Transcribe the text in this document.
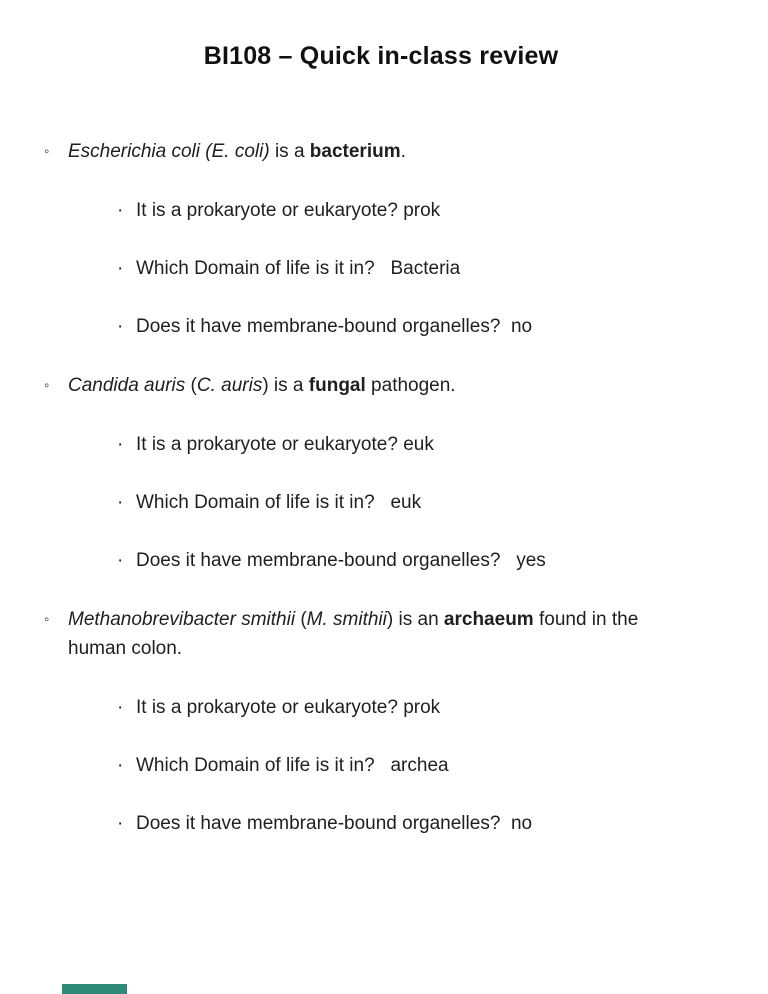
BI108 – Quick in-class review
◦ Escherichia coli (E. coli) is a bacterium.
· It is a prokaryote or eukaryote? prok
· Which Domain of life is it in?   Bacteria
· Does it have membrane-bound organelles?  no
◦ Candida auris (C. auris) is a fungal pathogen.
· It is a prokaryote or eukaryote? euk
· Which Domain of life is it in?   euk
· Does it have membrane-bound organelles?   yes
◦ Methanobrevibacter smithii (M. smithii) is an archaeum found in the human colon.
· It is a prokaryote or eukaryote? prok
· Which Domain of life is it in?   archea
· Does it have membrane-bound organelles?  no
